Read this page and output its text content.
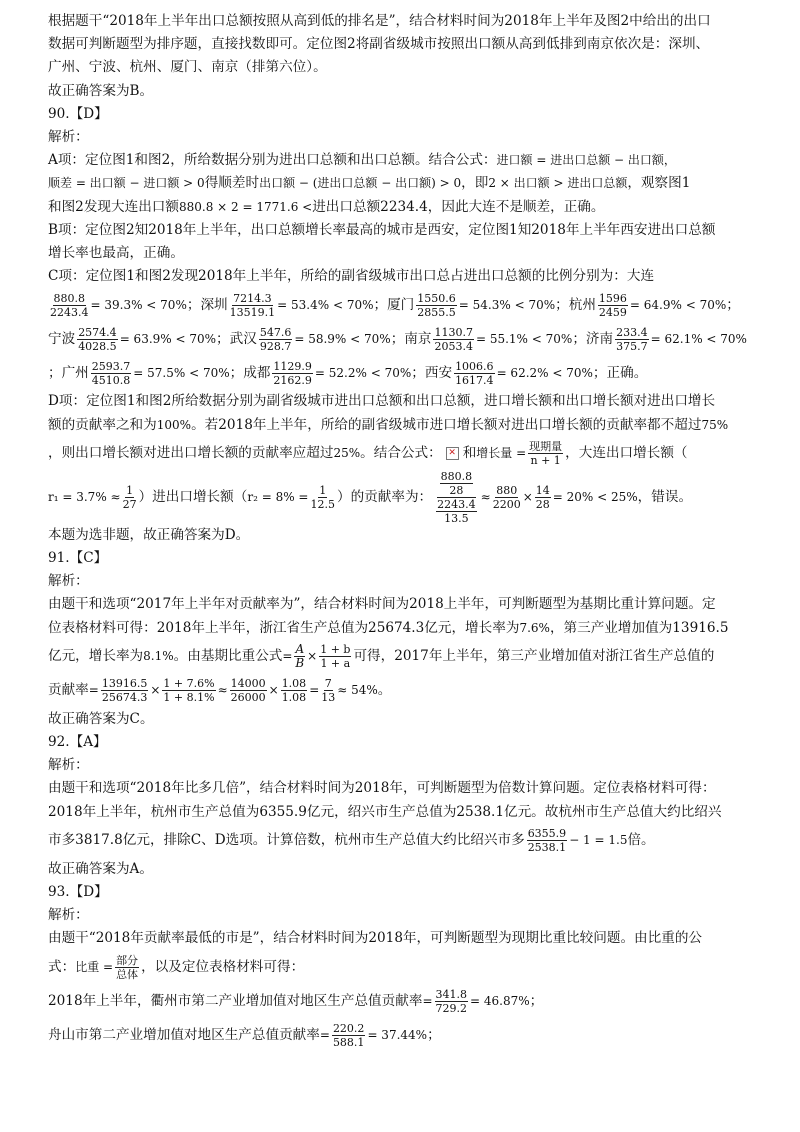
根据题干“2018年上半年出口总额按照从高到低的排名是”，结合材料时间为2018年上半年及图2中给出的出口

数据可判断题型为排序题，直接找数即可。定位图2将副省级城市按照出口额从高到低排到南京依次是：深圳、

广州、宁波、杭州、厦门、南京（排第六位）。

故正确答案为B。

90.【D】

解析：

A项：定位图1和图2，所给数据分别为进出口总额和出口总额。结合公式： 进口额 = 进出口总额 − 出口额，
顺差 = 出口额 − 进口额 > 0 得顺差时 出口额 − (进出口总额 − 出口额) > 0 ，即 2 × 出口额 > 进出口总额 ，观察图1
和图2发现大连出口额 880.8 × 2 = 1771.6 < 进出口总额2234.4，因此大连不是顺差，正确。

B项：定位图2知2018年上半年，出口总额增长率最高的城市是西安，定位图1知2018年上半年西安进出口总额

增长率也最高，正确。

C项：定位图1和图2发现2018年上半年，所给的副省级城市出口总占进出口总额的比例分别为：大连

$\frac{880.8}{2243.4} = 39.3\% < 70\%$ ；深圳 $\frac{7214.3}{13519.1} = 53.4\% < 70\%$ ；厦门 $\frac{1550.6}{2855.5} = 54.3\% < 70\%$ ；杭州 $\frac{1596}{2459} = 64.9\% < 70\%$ ；
宁波 $\frac{2574.4}{4028.5} = 63.9\% < 70\%$ ；武汉 $\frac{547.6}{928.7} = 58.9\% < 70\%$ ；南京 $\frac{1130.7}{2053.4} = 55.1\% < 70\%$ ；济南 $\frac{233.4}{375.7} = 62.1\% < 70\%$
；广州 $\frac{2593.7}{4510.8} = 57.5\% < 70\%$ ；成都 $\frac{1129.9}{2162.9} = 52.2\% < 70\%$ ；西安 $\frac{1006.6}{1617.4} = 62.2\% < 70\%$ ；正确。

D项：定位图1和图2所给数据分别为副省级城市进出口总额和出口总额，进口增长额和出口增长额对进出口增长

额的贡献率之和为 100% 。若2018年上半年，所给的副省级城市进口增长额对进出口增长额的贡献率都不超过 75%
，则出口增长额对进出口增长额的贡献率应超过 25% 。结合公式： ✕ 和 增长量 = 现期量
n + 1 ，大连出口增长额（
$r_1 = 3.7\% \approx \frac{1}{27}$ ）进出口增长额（ $r_2 = 8\% = \frac{1}{12.5}$ ）的贡献率为： $\frac{\frac{880.8}{28}}{\frac{2243.4}{13.5}} \approx \frac{880}{2200} \times \frac{14}{28} = 20\% < 25\%$ ，错误。

本题为选非题，故正确答案为D。

91.【C】

解析：

由题干和选项“2017年上半年对贡献率为”，结合材料时间为2018上半年，可判断题型为基期比重计算问题。定

位表格材料可得：2018年上半年，浙江省生产总值为25674.3亿元，增长率为 7.6% ，第三产业增加值为13916.5
亿元，增长率为 8.1% 。由基期比重公式 = $\frac{A}{B} \times \frac{1 + b}{1 + a}$ 可得，2017年上半年，第三产业增加值对浙江省生产总值的
贡献率 = $\frac{13916.5}{25674.3} \times \frac{1 + 7.6\%}{1 + 8.1\%} \approx \frac{14000}{26000} \times \frac{1.08}{1.08} = \frac{7}{13} \approx 54\%$ 。

故正确答案为C。

92.【A】

解析：

由题干和选项“2018年比多几倍”，结合材料时间为2018年，可判断题型为倍数计算问题。定位表格材料可得：

2018年上半年，杭州市生产总值为6355.9亿元，绍兴市生产总值为2538.1亿元。故杭州市生产总值大约比绍兴

市多3817.8亿元，排除C、D选项。计算倍数，杭州市生产总值大约比绍兴市多 6355.9
2538.1
− 1 = 1.5 倍。

故正确答案为A。

93.【D】

解析：

由题干“2018年贡献率最低的市是”，结合材料时间为2018年，可判断题型为现期比重比较问题。由比重的公

式： 比重 = 部分
总体 ，以及定位表格材料可得：
2018年上半年，衢州市第二产业增加值对地区生产总值贡献率 = $\frac{341.8}{729.2} = 46.87\%$ ；
舟山市第二产业增加值对地区生产总值贡献率 = $\frac{220.2}{588.1} = 37.44\%$ ；
